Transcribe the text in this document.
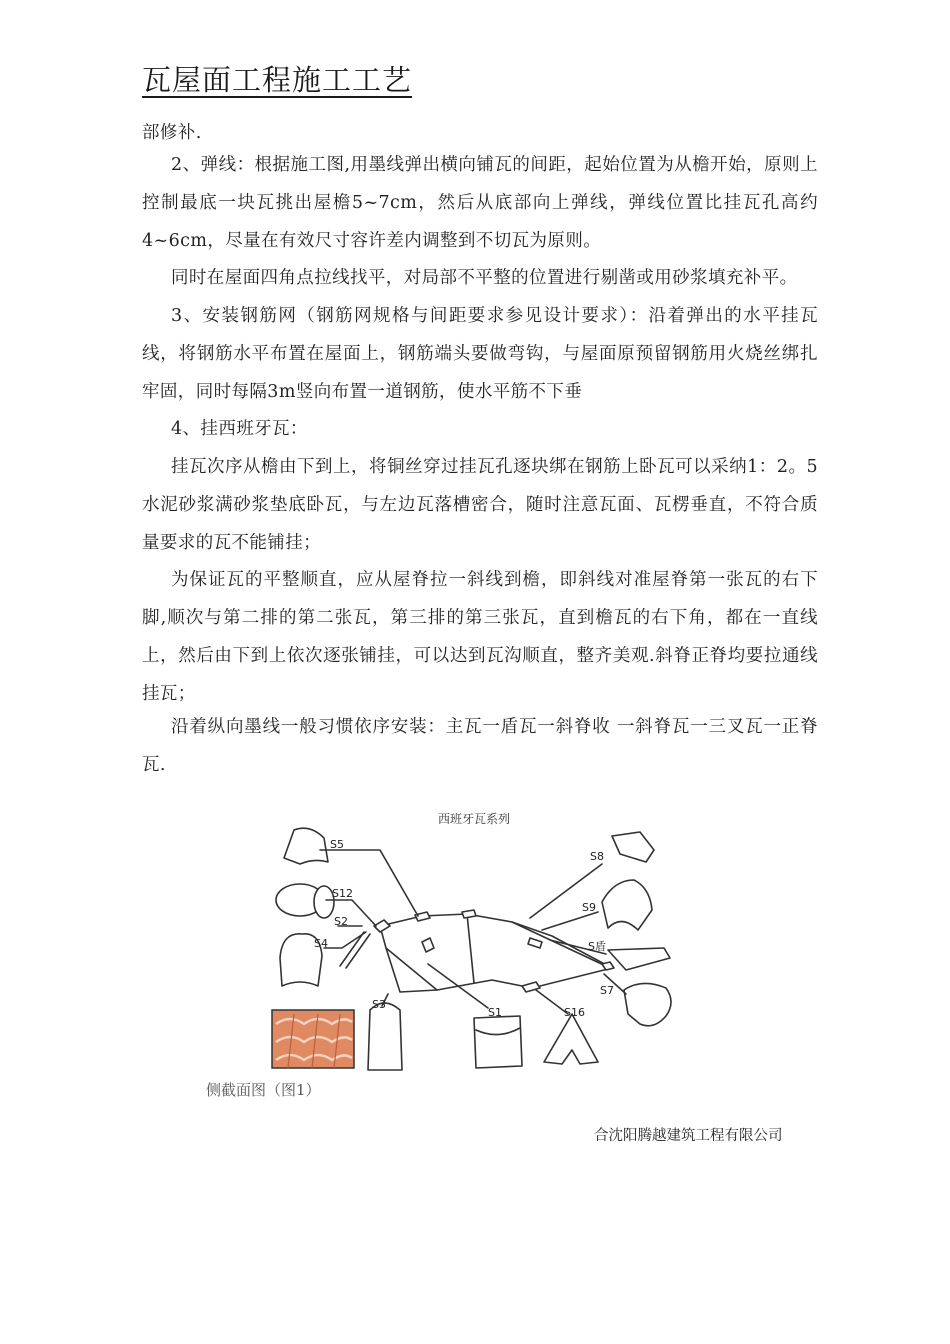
瓦屋面工程施工工艺
部修补.
2、弹线：根据施工图,用墨线弹出横向铺瓦的间距，起始位置为从檐开始，原则上控制最底一块瓦挑出屋檐5~7cm，然后从底部向上弹线，弹线位置比挂瓦孔高约4~6cm，尽量在有效尺寸容许差内调整到不切瓦为原则。
同时在屋面四角点拉线找平，对局部不平整的位置进行剔凿或用砂浆填充补平。
3、安装钢筋网（钢筋网规格与间距要求参见设计要求）：沿着弹出的水平挂瓦线，将钢筋水平布置在屋面上，钢筋端头要做弯钩，与屋面原预留钢筋用火烧丝绑扎牢固，同时每隔3m竖向布置一道钢筋，使水平筋不下垂
4、挂西班牙瓦：
挂瓦次序从檐由下到上，将铜丝穿过挂瓦孔逐块绑在钢筋上卧瓦可以采纳1：2。5水泥砂浆满砂浆垫底卧瓦，与左边瓦落槽密合，随时注意瓦面、瓦楞垂直，不符合质量要求的瓦不能铺挂；
为保证瓦的平整顺直，应从屋脊拉一斜线到檐，即斜线对准屋脊第一张瓦的右下脚,顺次与第二排的第二张瓦，第三排的第三张瓦，直到檐瓦的右下角，都在一直线上，然后由下到上依次逐张铺挂，可以达到瓦沟顺直，整齐美观.斜脊正脊均要拉通线挂瓦；
沿着纵向墨线一般习惯依序安装：主瓦一盾瓦一斜脊收 一斜脊瓦一三叉瓦一正脊瓦.
西班牙瓦系列
S5
S12
S2
S4
S3
S1	S16
S8
S9
S盾
S7
侧截面图（图1）
合沈阳腾越建筑工程有限公司
